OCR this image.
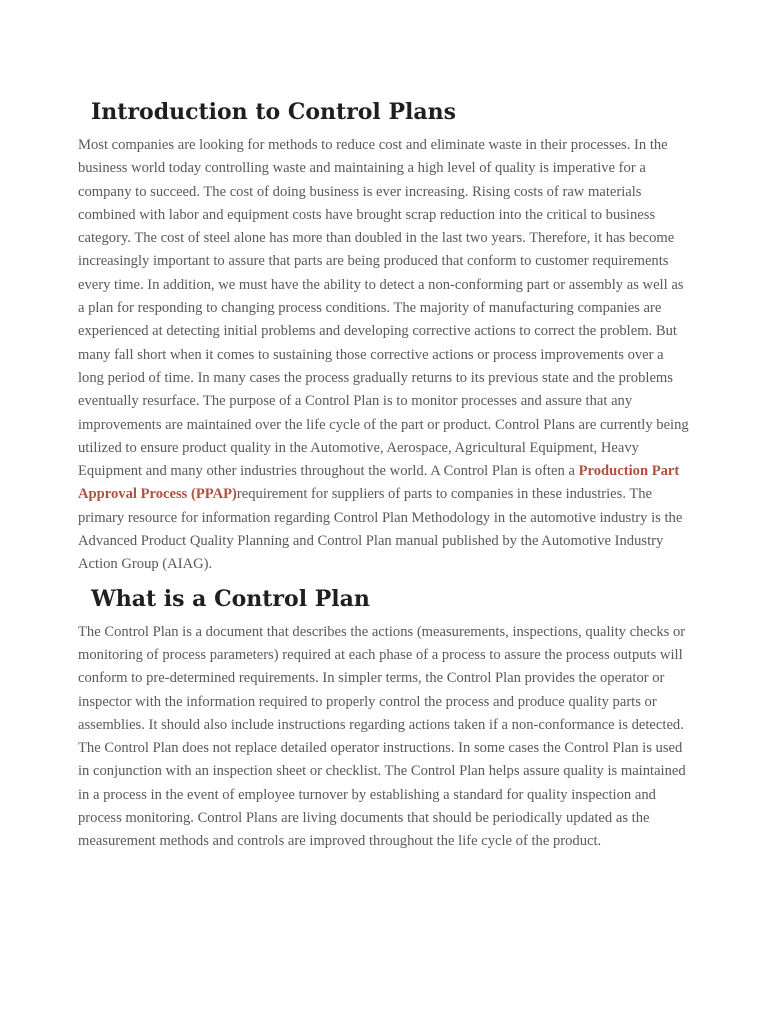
Introduction to Control Plans

Most companies are looking for methods to reduce cost and eliminate waste in their processes. In the business world today controlling waste and maintaining a high level of quality is imperative for a company to succeed. The cost of doing business is ever increasing. Rising costs of raw materials combined with labor and equipment costs have brought scrap reduction into the critical to business category. The cost of steel alone has more than doubled in the last two years. Therefore, it has become increasingly important to assure that parts are being produced that conform to customer requirements every time. In addition, we must have the ability to detect a non-conforming part or assembly as well as a plan for responding to changing process conditions. The majority of manufacturing companies are experienced at detecting initial problems and developing corrective actions to correct the problem. But many fall short when it comes to sustaining those corrective actions or process improvements over a long period of time. In many cases the process gradually returns to its previous state and the problems eventually resurface. The purpose of a Control Plan is to monitor processes and assure that any improvements are maintained over the life cycle of the part or product. Control Plans are currently being utilized to ensure product quality in the Automotive, Aerospace, Agricultural Equipment, Heavy Equipment and many other industries throughout the world. A Control Plan is often a Production Part Approval Process (PPAP)requirement for suppliers of parts to companies in these industries. The primary resource for information regarding Control Plan Methodology in the automotive industry is the Advanced Product Quality Planning and Control Plan manual published by the Automotive Industry Action Group (AIAG).

What is a Control Plan

The Control Plan is a document that describes the actions (measurements, inspections, quality checks or monitoring of process parameters) required at each phase of a process to assure the process outputs will conform to pre-determined requirements. In simpler terms, the Control Plan provides the operator or inspector with the information required to properly control the process and produce quality parts or assemblies. It should also include instructions regarding actions taken if a non-conformance is detected. The Control Plan does not replace detailed operator instructions. In some cases the Control Plan is used in conjunction with an inspection sheet or checklist. The Control Plan helps assure quality is maintained in a process in the event of employee turnover by establishing a standard for quality inspection and process monitoring. Control Plans are living documents that should be periodically updated as the measurement methods and controls are improved throughout the life cycle of the product.
